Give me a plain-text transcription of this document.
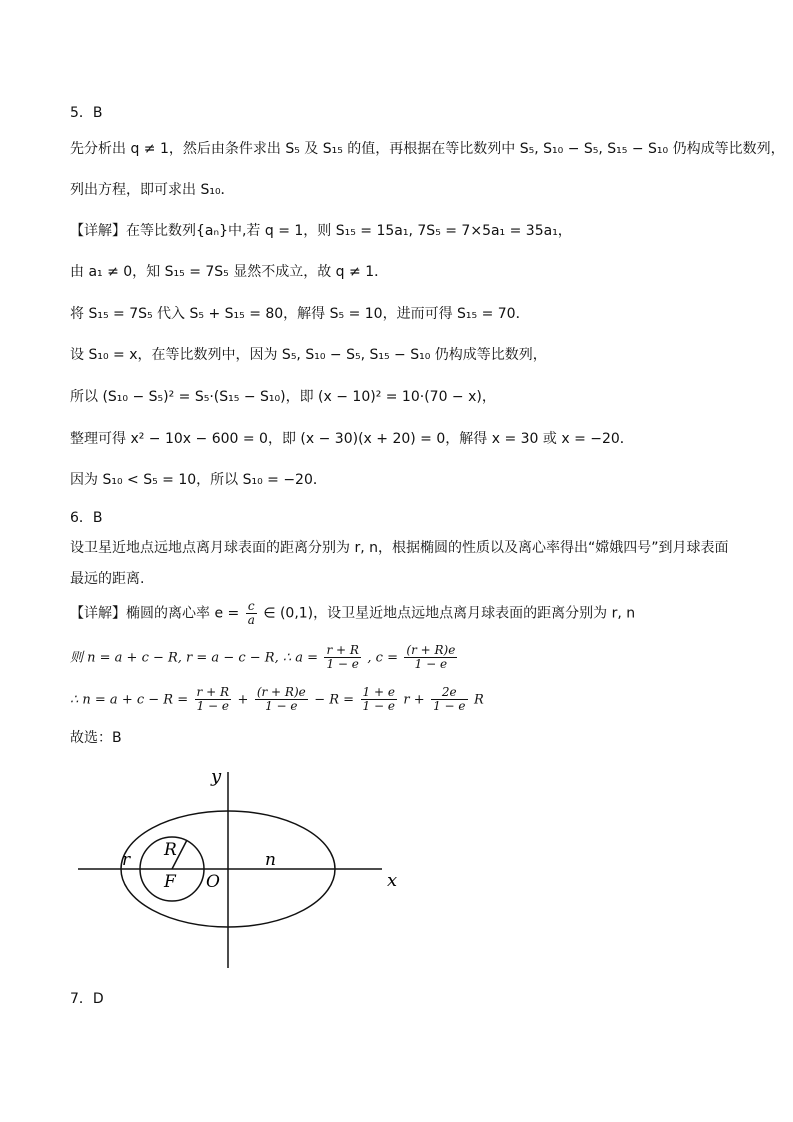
5．B
先分析出 q ≠ 1，然后由条件求出 S₅ 及 S₁₅ 的值，再根据在等比数列中 S₅, S₁₀ − S₅, S₁₅ − S₁₀ 仍构成等比数列，
列出方程，即可求出 S₁₀．
【详解】在等比数列{aₙ}中,若 q = 1，则 S₁₅ = 15a₁, 7S₅ = 7×5a₁ = 35a₁，
由 a₁ ≠ 0，知 S₁₅ = 7S₅ 显然不成立，故 q ≠ 1．
将 S₁₅ = 7S₅ 代入 S₅ + S₁₅ = 80，解得 S₅ = 10，进而可得 S₁₅ = 70．
设 S₁₀ = x，在等比数列中，因为 S₅, S₁₀ − S₅, S₁₅ − S₁₀ 仍构成等比数列，
所以 (S₁₀ − S₅)² = S₅·(S₁₅ − S₁₀)，即 (x − 10)² = 10·(70 − x)，
整理可得 x² − 10x − 600 = 0，即 (x − 30)(x + 20) = 0，解得 x = 30 或 x = −20．
因为 S₁₀ < S₅ = 10，所以 S₁₀ = −20．
6．B
设卫星近地点远地点离月球表面的距离分别为 r, n，根据椭圆的性质以及离心率得出“嫦娥四号”到月球表面
最远的距离.
【详解】椭圆的离心率 $e = \frac{c}{a}$ ∈ (0,1)，设卫星近地点远地点离月球表面的距离分别为 r, n
则 n = a + c − R, r = a − c − R, ∴ $a = \frac{r + R}{1 - e}$ , $c = \frac{(r + R)e}{1 - e}$
∴ $n = a + c - R = \frac{r + R}{1 - e} + \frac{(r + R)e}{1 - e} - R = \frac{1 + e}{1 - e}$ $r + \frac{2e}{1 - e}$ R
故选：B
y
x
r R
F O
n
7．D
